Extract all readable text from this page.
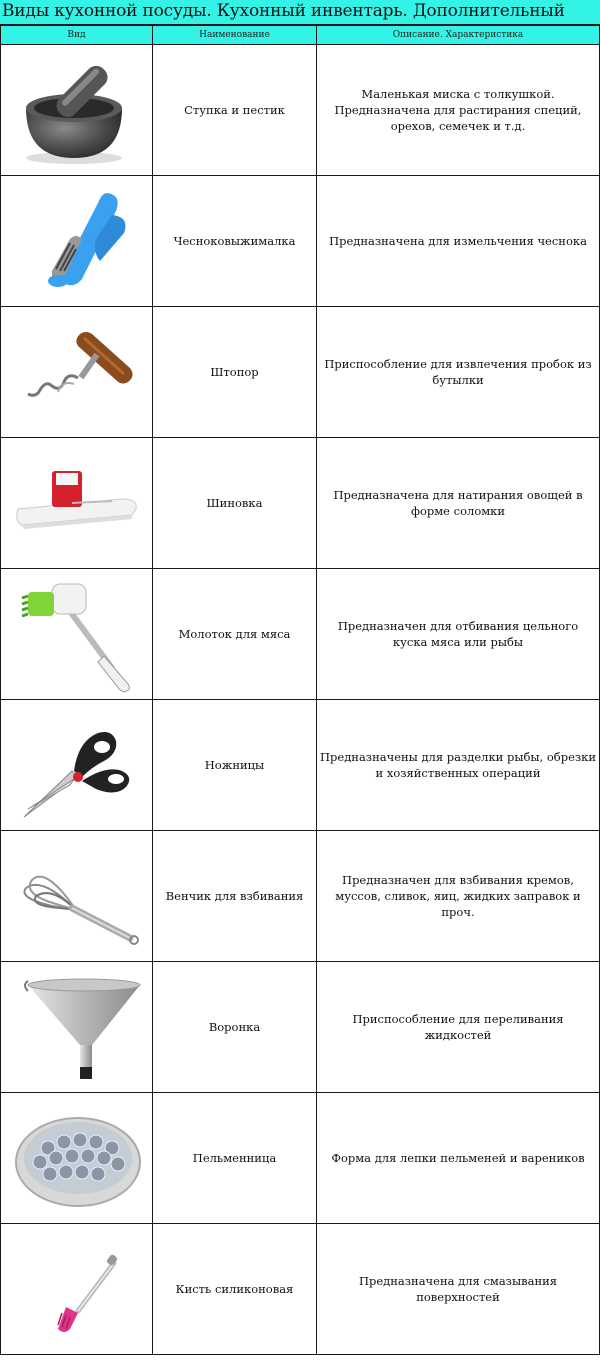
Виды кухонной посуды. Кухонный инвентарь. Дополнительный
Вид	Наименование	Описание. Характеристика

	Ступка и пестик	Маленькая миска с толкушкой. Предназначена для растирания специй, орехов, семечек и т.д.

	Чесноковыжималка	Предназначена для измельчения чеснока

	Штопор	Приспособление для извлечения пробок из бутылки

	Шиновка	Предназначена для натирания овощей в форме соломки

	Молоток для мяса	Предназначен для отбивания цельного куска мяса или рыбы

	Ножницы	Предназначены для разделки рыбы, обрезки и хозяйственных операций

	Венчик для взбивания	Предназначен для взбивания кремов, муссов, сливок, яиц, жидких заправок и проч.

	Воронка	Приспособление для переливания жидкостей

	Пельменница	Форма для лепки пельменей и вареников

	Кисть силиконовая	Предназначена для смазывания поверхностей
